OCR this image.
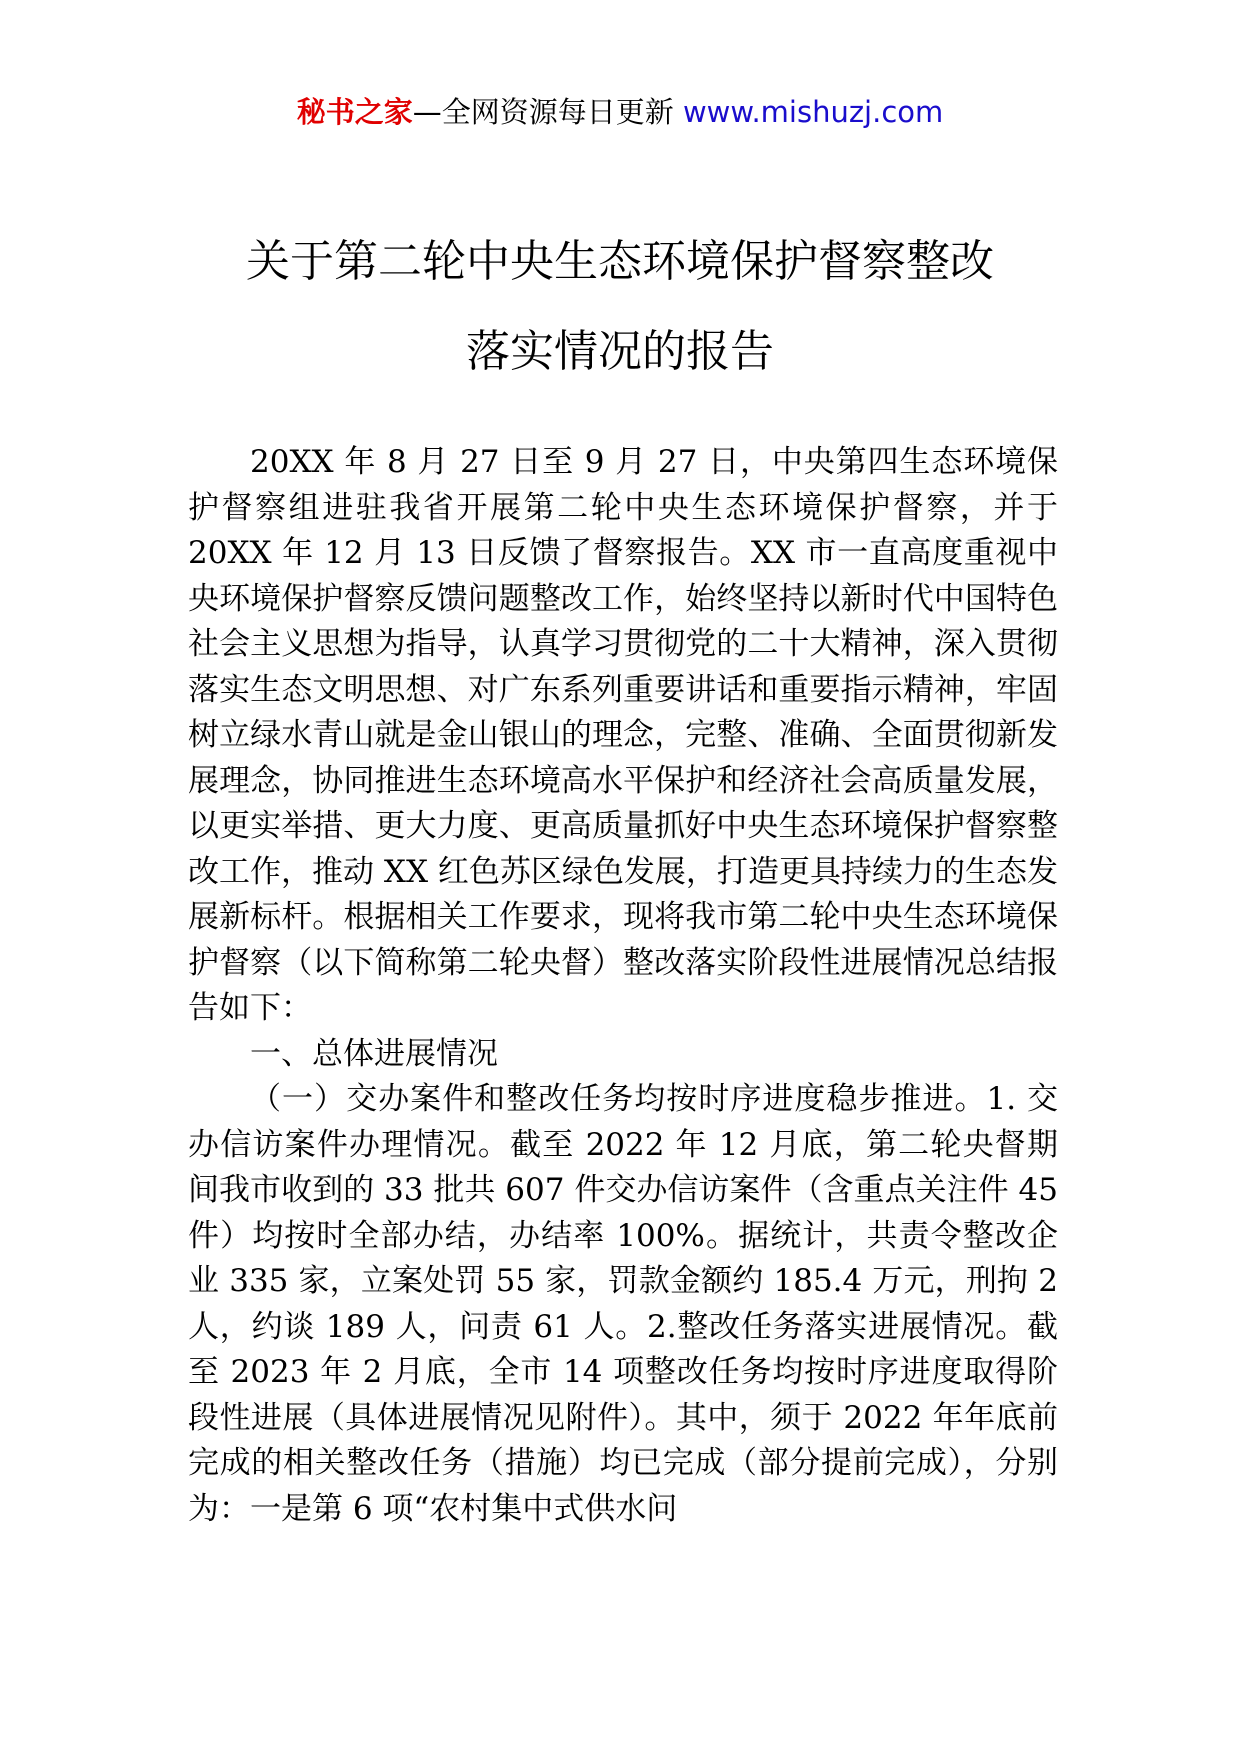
秘书之家—全网资源每日更新 www.mishuzj.com
关于第二轮中央生态环境保护督察整改
落实情况的报告

20XX 年 8 月 27 日至 9 月 27 日，中央第四生态环境保护督察组进驻我省开展第二轮中央生态环境保护督察，并于 20XX 年 12 月 13 日反馈了督察报告。XX 市一直高度重视中央环境保护督察反馈问题整改工作，始终坚持以新时代中国特色社会主义思想为指导，认真学习贯彻党的二十大精神，深入贯彻落实生态文明思想、对广东系列重要讲话和重要指示精神，牢固树立绿水青山就是金山银山的理念，完整、准确、全面贯彻新发展理念，协同推进生态环境高水平保护和经济社会高质量发展，以更实举措、更大力度、更高质量抓好中央生态环境保护督察整改工作，推动 XX 红色苏区绿色发展，打造更具持续力的生态发展新标杆。根据相关工作要求，现将我市第二轮中央生态环境保护督察（以下简称第二轮央督）整改落实阶段性进展情况总结报告如下：

一、总体进展情况

（一）交办案件和整改任务均按时序进度稳步推进。1. 交办信访案件办理情况。截至 2022 年 12 月底，第二轮央督期间我市收到的 33 批共 607 件交办信访案件（含重点关注件 45 件）均按时全部办结，办结率 100%。据统计，共责令整改企业 335 家，立案处罚 55 家，罚款金额约 185.4 万元，刑拘 2 人，约谈 189 人，问责 61 人。2.整改任务落实进展情况。截至 2023 年 2 月底，全市 14 项整改任务均按时序进度取得阶段性进展（具体进展情况见附件）。其中，须于 2022 年年底前完成的相关整改任务（措施）均已完成（部分提前完成），分别为：一是第 6 项“农村集中式供水问
